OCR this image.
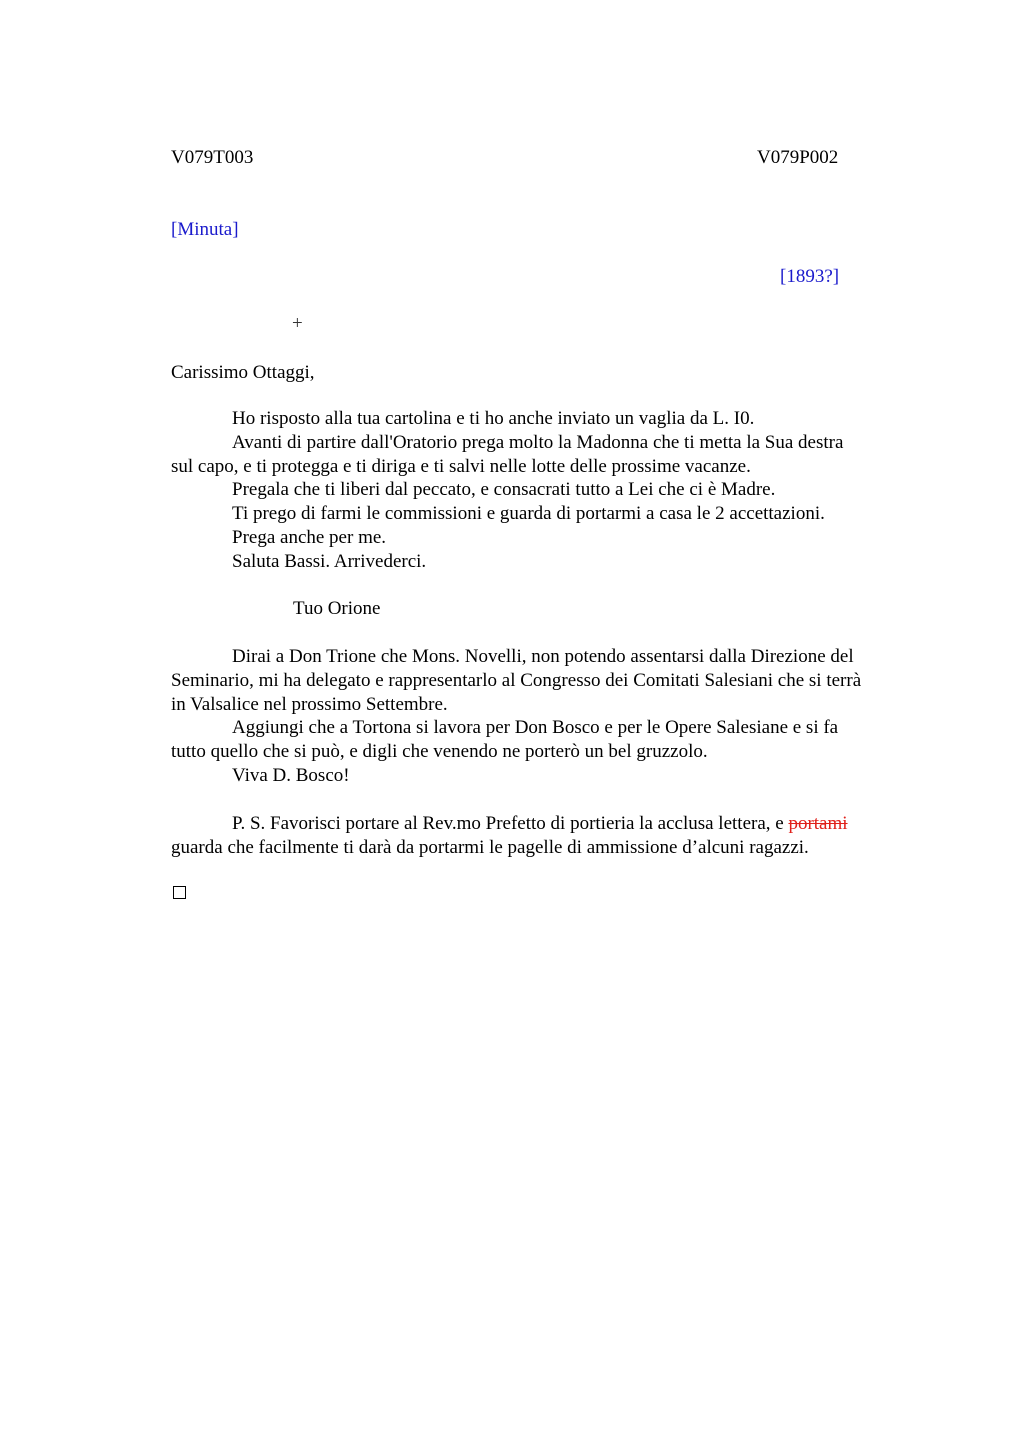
V079T003	V079P002
[Minuta]
[1893?]
+
Carissimo Ottaggi,
Ho risposto alla tua cartolina e ti ho anche inviato un vaglia da L. I0.
Avanti di partire dall'Oratorio prega molto la Madonna che ti metta la Sua destra
sul capo, e ti protegga e ti diriga e ti salvi nelle lotte delle prossime vacanze.
Pregala che ti liberi dal peccato, e consacrati tutto a Lei che ci è Madre.
Ti prego di farmi le commissioni e guarda di portarmi a casa le 2 accettazioni.
Prega anche per me.
Saluta Bassi. Arrivederci.
Tuo Orione
Dirai a Don Trione che Mons. Novelli, non potendo assentarsi dalla Direzione del
Seminario, mi ha delegato e rappresentarlo al Congresso dei Comitati Salesiani che si terrà
in Valsalice nel prossimo Settembre.
Aggiungi che a Tortona si lavora per Don Bosco e per le Opere Salesiane e si fa
tutto quello che si può, e digli che venendo ne porterò un bel gruzzolo.
Viva D. Bosco!
P. S. Favorisci portare al Rev.mo Prefetto di portieria la acclusa lettera, e portami
guarda che facilmente ti darà da portarmi le pagelle di ammissione d’alcuni ragazzi.
